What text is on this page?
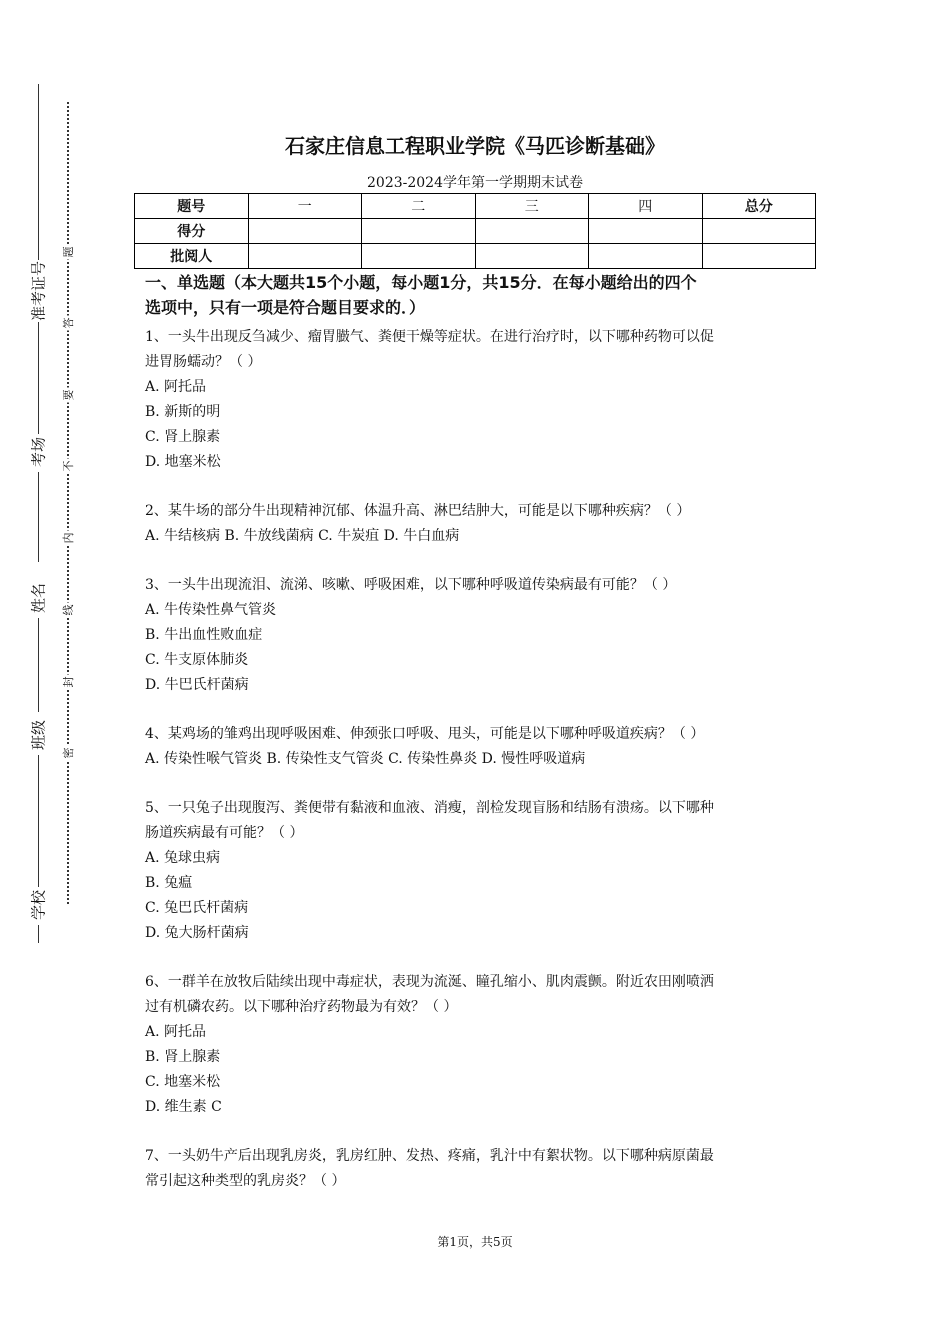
准考证号
考场
姓名
班级
学校
题
答
要
不
内
线
封
密
石家庄信息工程职业学院《马匹诊断基础》
2023-2024学年第一学期期末试卷
题号	一	二	三	四	总分
得分					
批阅人					
一、单选题（本大题共15个小题，每小题1分，共15分．在每小题给出的四个
选项中，只有一项是符合题目要求的．）
1、一头牛出现反刍减少、瘤胃臌气、粪便干燥等症状。在进行治疗时，以下哪种药物可以促
进胃肠蠕动？（ ）
A. 阿托品
B. 新斯的明
C. 肾上腺素
D. 地塞米松
2、某牛场的部分牛出现精神沉郁、体温升高、淋巴结肿大，可能是以下哪种疾病？（ ）
A. 牛结核病 B. 牛放线菌病 C. 牛炭疽 D. 牛白血病
3、一头牛出现流泪、流涕、咳嗽、呼吸困难，以下哪种呼吸道传染病最有可能？（ ）
A. 牛传染性鼻气管炎
B. 牛出血性败血症
C. 牛支原体肺炎
D. 牛巴氏杆菌病
4、某鸡场的雏鸡出现呼吸困难、伸颈张口呼吸、甩头，可能是以下哪种呼吸道疾病？（ ）
A. 传染性喉气管炎 B. 传染性支气管炎 C. 传染性鼻炎 D. 慢性呼吸道病
5、一只兔子出现腹泻、粪便带有黏液和血液、消瘦，剖检发现盲肠和结肠有溃疡。以下哪种
肠道疾病最有可能？（ ）
A. 兔球虫病
B. 兔瘟
C. 兔巴氏杆菌病
D. 兔大肠杆菌病
6、一群羊在放牧后陆续出现中毒症状，表现为流涎、瞳孔缩小、肌肉震颤。附近农田刚喷洒
过有机磷农药。以下哪种治疗药物最为有效？（ ）
A. 阿托品
B. 肾上腺素
C. 地塞米松
D. 维生素 C
7、一头奶牛产后出现乳房炎，乳房红肿、发热、疼痛，乳汁中有絮状物。以下哪种病原菌最
常引起这种类型的乳房炎？（ ）
第1页，共5页
